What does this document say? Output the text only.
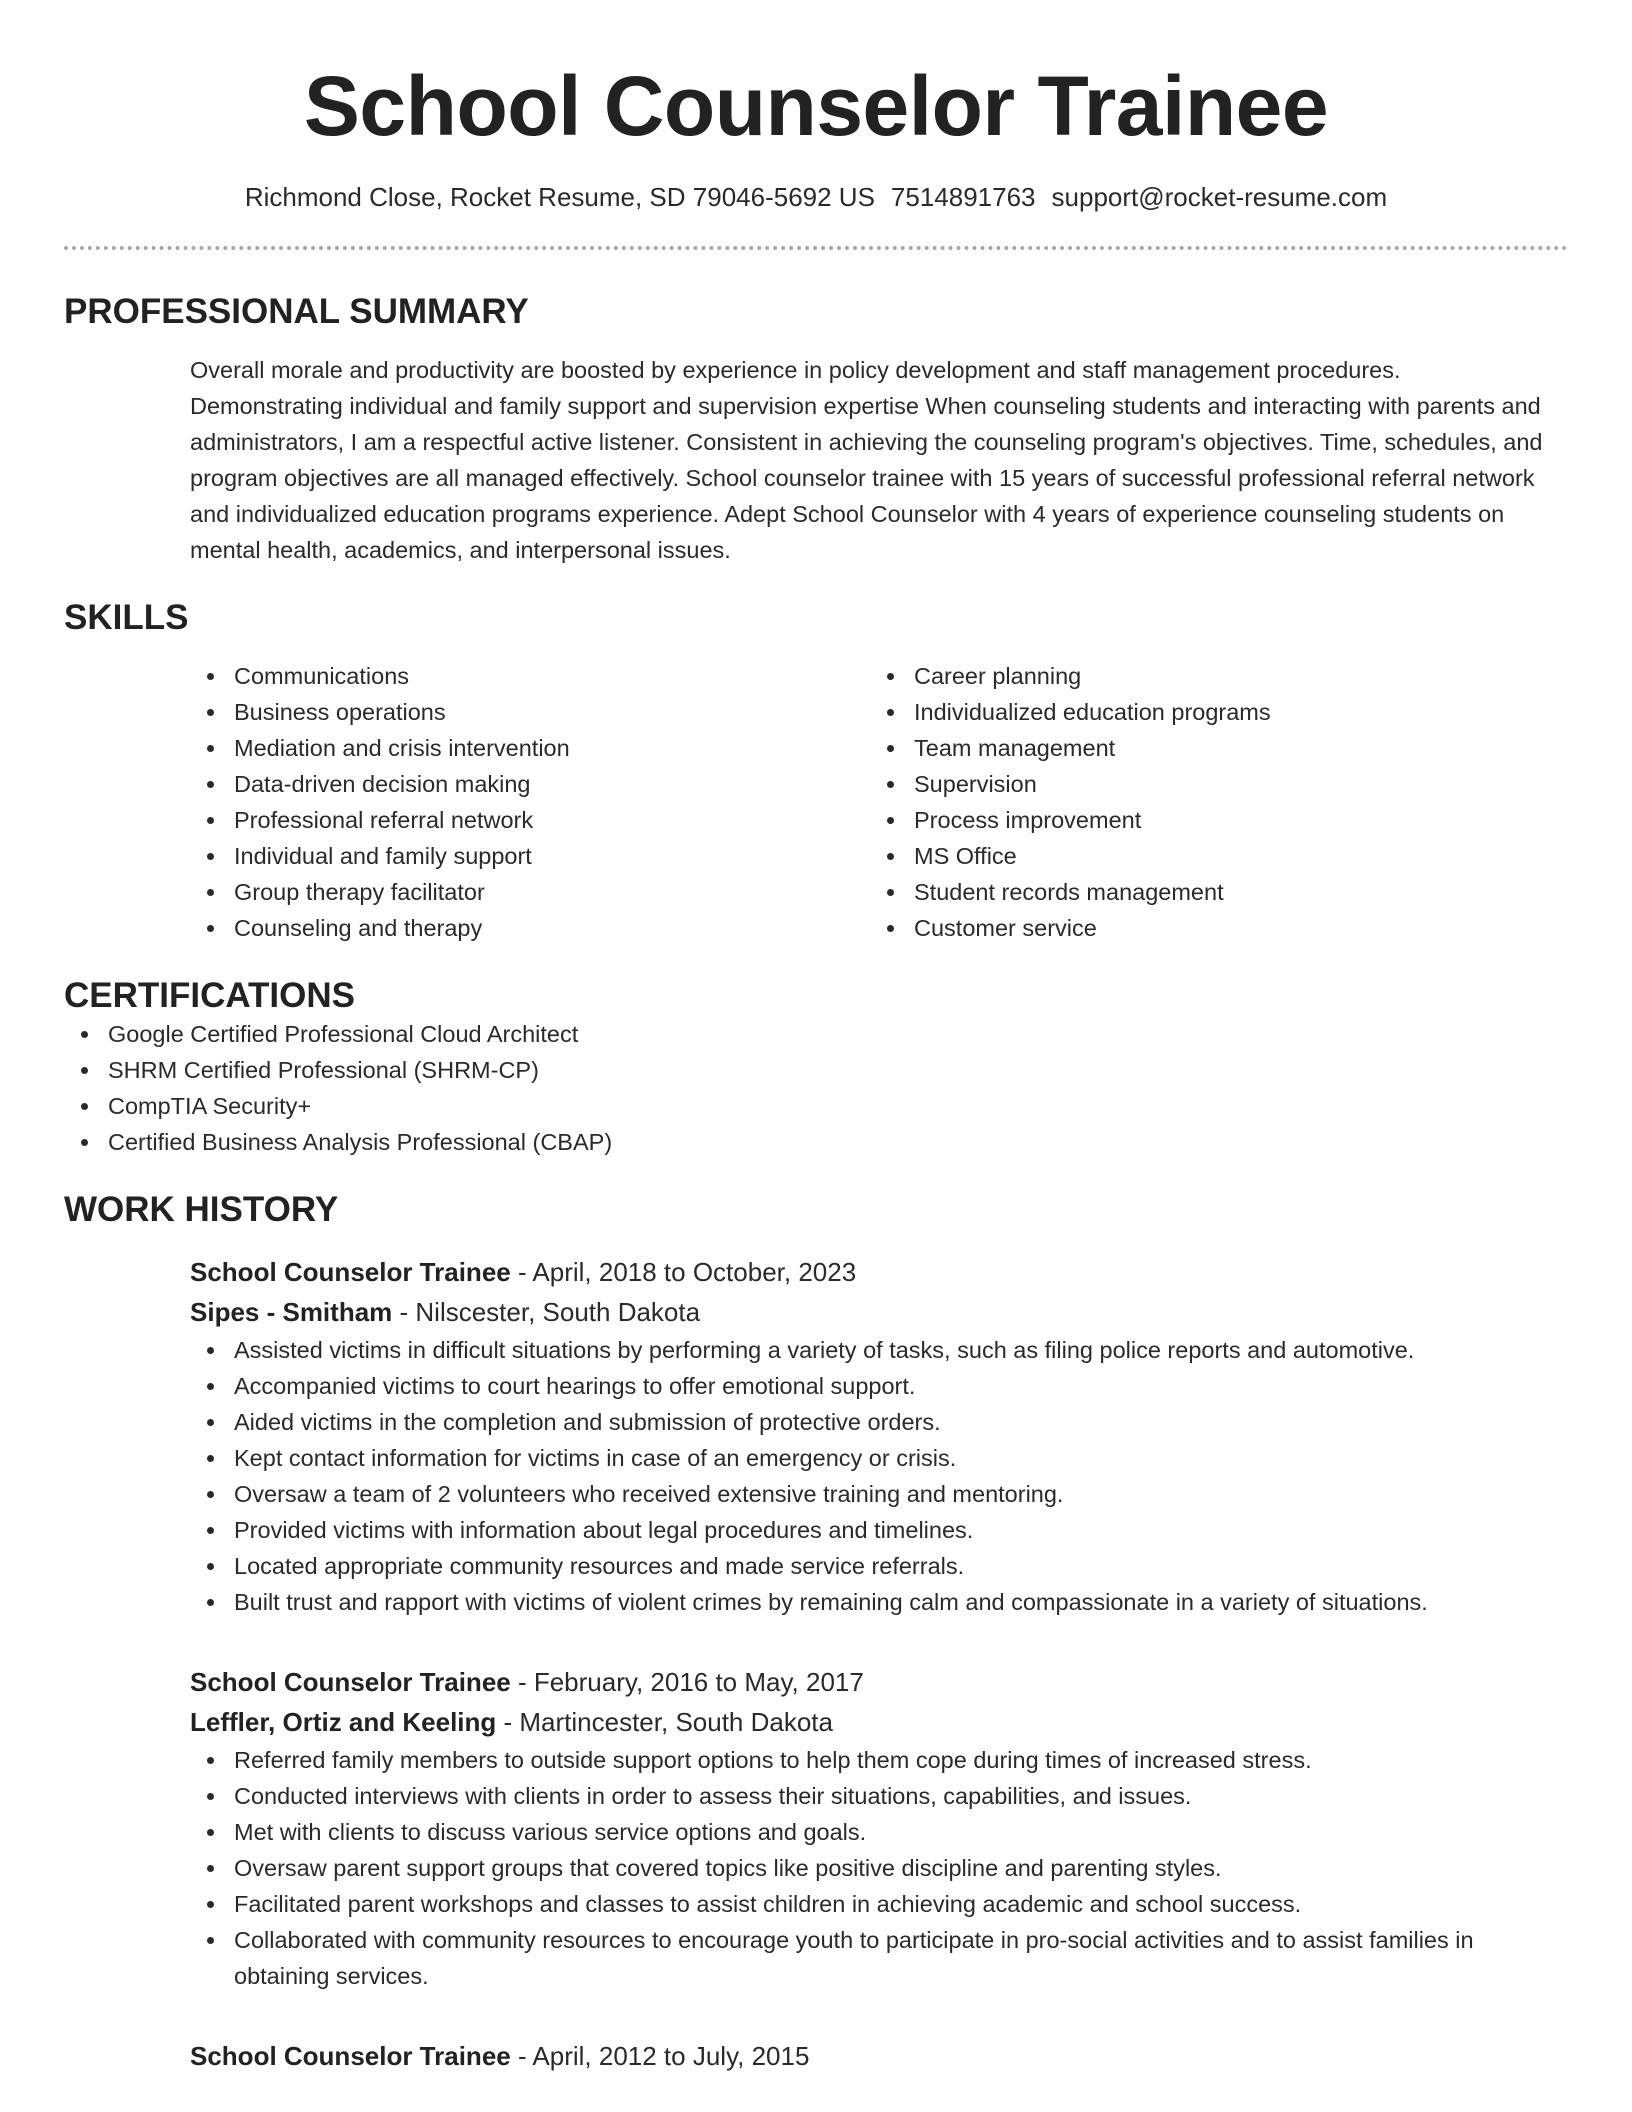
School Counselor Trainee
Richmond Close, Rocket Resume, SD 79046-5692 US 7514891763 support@rocket-resume.com
PROFESSIONAL SUMMARY
Overall morale and productivity are boosted by experience in policy development and staff management procedures. Demonstrating individual and family support and supervision expertise When counseling students and interacting with parents and administrators, I am a respectful active listener. Consistent in achieving the counseling program's objectives. Time, schedules, and program objectives are all managed effectively. School counselor trainee with 15 years of successful professional referral network and individualized education programs experience. Adept School Counselor with 4 years of experience counseling students on mental health, academics, and interpersonal issues.
SKILLS
Communications
Business operations
Mediation and crisis intervention
Data-driven decision making
Professional referral network
Individual and family support
Group therapy facilitator
Counseling and therapy
Career planning
Individualized education programs
Team management
Supervision
Process improvement
MS Office
Student records management
Customer service
CERTIFICATIONS
Google Certified Professional Cloud Architect
SHRM Certified Professional (SHRM-CP)
CompTIA Security+
Certified Business Analysis Professional (CBAP)
WORK HISTORY
School Counselor Trainee - April, 2018 to October, 2023
Sipes - Smitham - Nilscester, South Dakota
Assisted victims in difficult situations by performing a variety of tasks, such as filing police reports and automotive.
Accompanied victims to court hearings to offer emotional support.
Aided victims in the completion and submission of protective orders.
Kept contact information for victims in case of an emergency or crisis.
Oversaw a team of 2 volunteers who received extensive training and mentoring.
Provided victims with information about legal procedures and timelines.
Located appropriate community resources and made service referrals.
Built trust and rapport with victims of violent crimes by remaining calm and compassionate in a variety of situations.
School Counselor Trainee - February, 2016 to May, 2017
Leffler, Ortiz and Keeling - Martincester, South Dakota
Referred family members to outside support options to help them cope during times of increased stress.
Conducted interviews with clients in order to assess their situations, capabilities, and issues.
Met with clients to discuss various service options and goals.
Oversaw parent support groups that covered topics like positive discipline and parenting styles.
Facilitated parent workshops and classes to assist children in achieving academic and school success.
Collaborated with community resources to encourage youth to participate in pro-social activities and to assist families in obtaining services.
School Counselor Trainee - April, 2012 to July, 2015
